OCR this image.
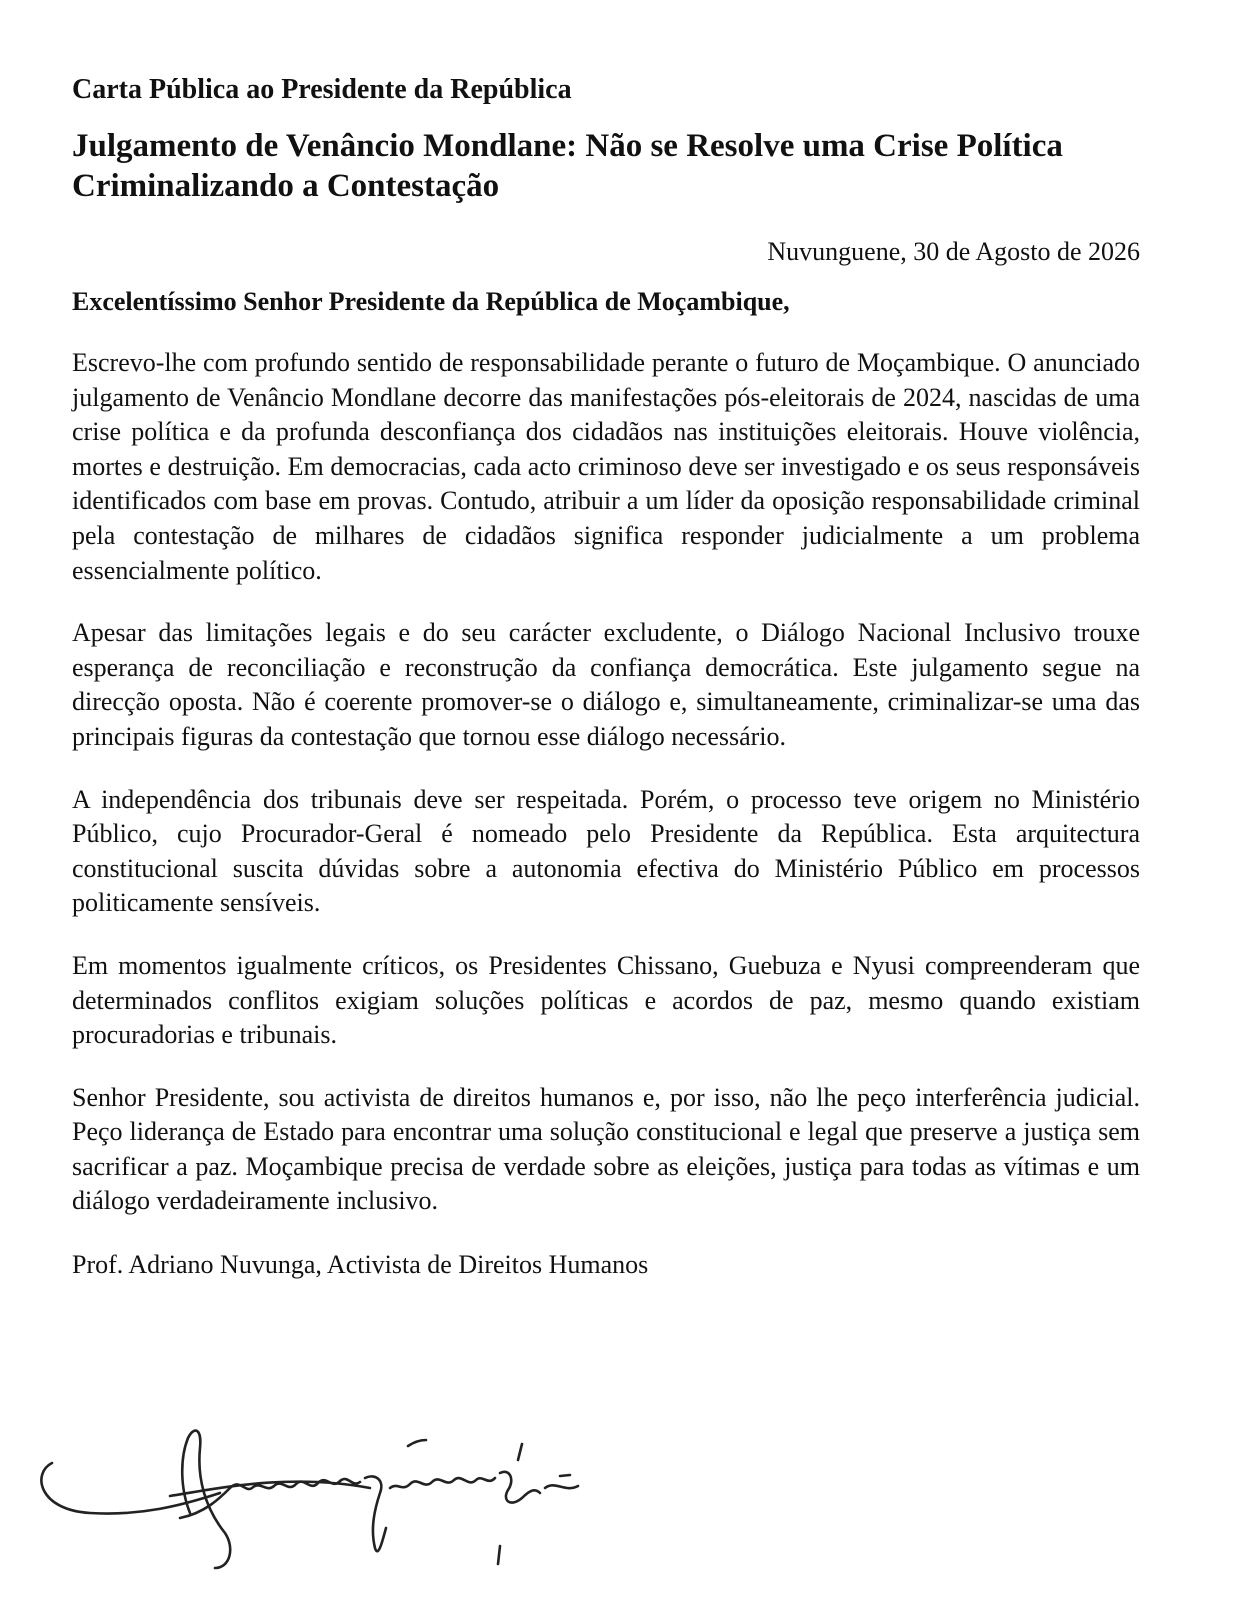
Carta Pública ao Presidente da República
Julgamento de Venâncio Mondlane: Não se Resolve uma Crise Política Criminalizando a Contestação
Nuvunguene, 30 de Agosto de 2026
Excelentíssimo Senhor Presidente da República de Moçambique,

Escrevo-lhe com profundo sentido de responsabilidade perante o futuro de Moçambique. O anunciado julgamento de Venâncio Mondlane decorre das manifestações pós-eleitorais de 2024, nascidas de uma crise política e da profunda desconfiança dos cidadãos nas instituições eleitorais. Houve violência, mortes e destruição. Em democracias, cada acto criminoso deve ser investigado e os seus responsáveis identificados com base em provas. Contudo, atribuir a um líder da oposição responsabilidade criminal pela contestação de milhares de cidadãos significa responder judicialmente a um problema essencialmente político.

Apesar das limitações legais e do seu carácter excludente, o Diálogo Nacional Inclusivo trouxe esperança de reconciliação e reconstrução da confiança democrática. Este julgamento segue na direcção oposta. Não é coerente promover-se o diálogo e, simultaneamente, criminalizar-se uma das principais figuras da contestação que tornou esse diálogo necessário.

A independência dos tribunais deve ser respeitada. Porém, o processo teve origem no Ministério Público, cujo Procurador-Geral é nomeado pelo Presidente da República. Esta arquitectura constitucional suscita dúvidas sobre a autonomia efectiva do Ministério Público em processos politicamente sensíveis.

Em momentos igualmente críticos, os Presidentes Chissano, Guebuza e Nyusi compreenderam que determinados conflitos exigiam soluções políticas e acordos de paz, mesmo quando existiam procuradorias e tribunais.

Senhor Presidente, sou activista de direitos humanos e, por isso, não lhe peço interferência judicial. Peço liderança de Estado para encontrar uma solução constitucional e legal que preserve a justiça sem sacrificar a paz. Moçambique precisa de verdade sobre as eleições, justiça para todas as vítimas e um diálogo verdadeiramente inclusivo.

Prof. Adriano Nuvunga, Activista de Direitos Humanos
